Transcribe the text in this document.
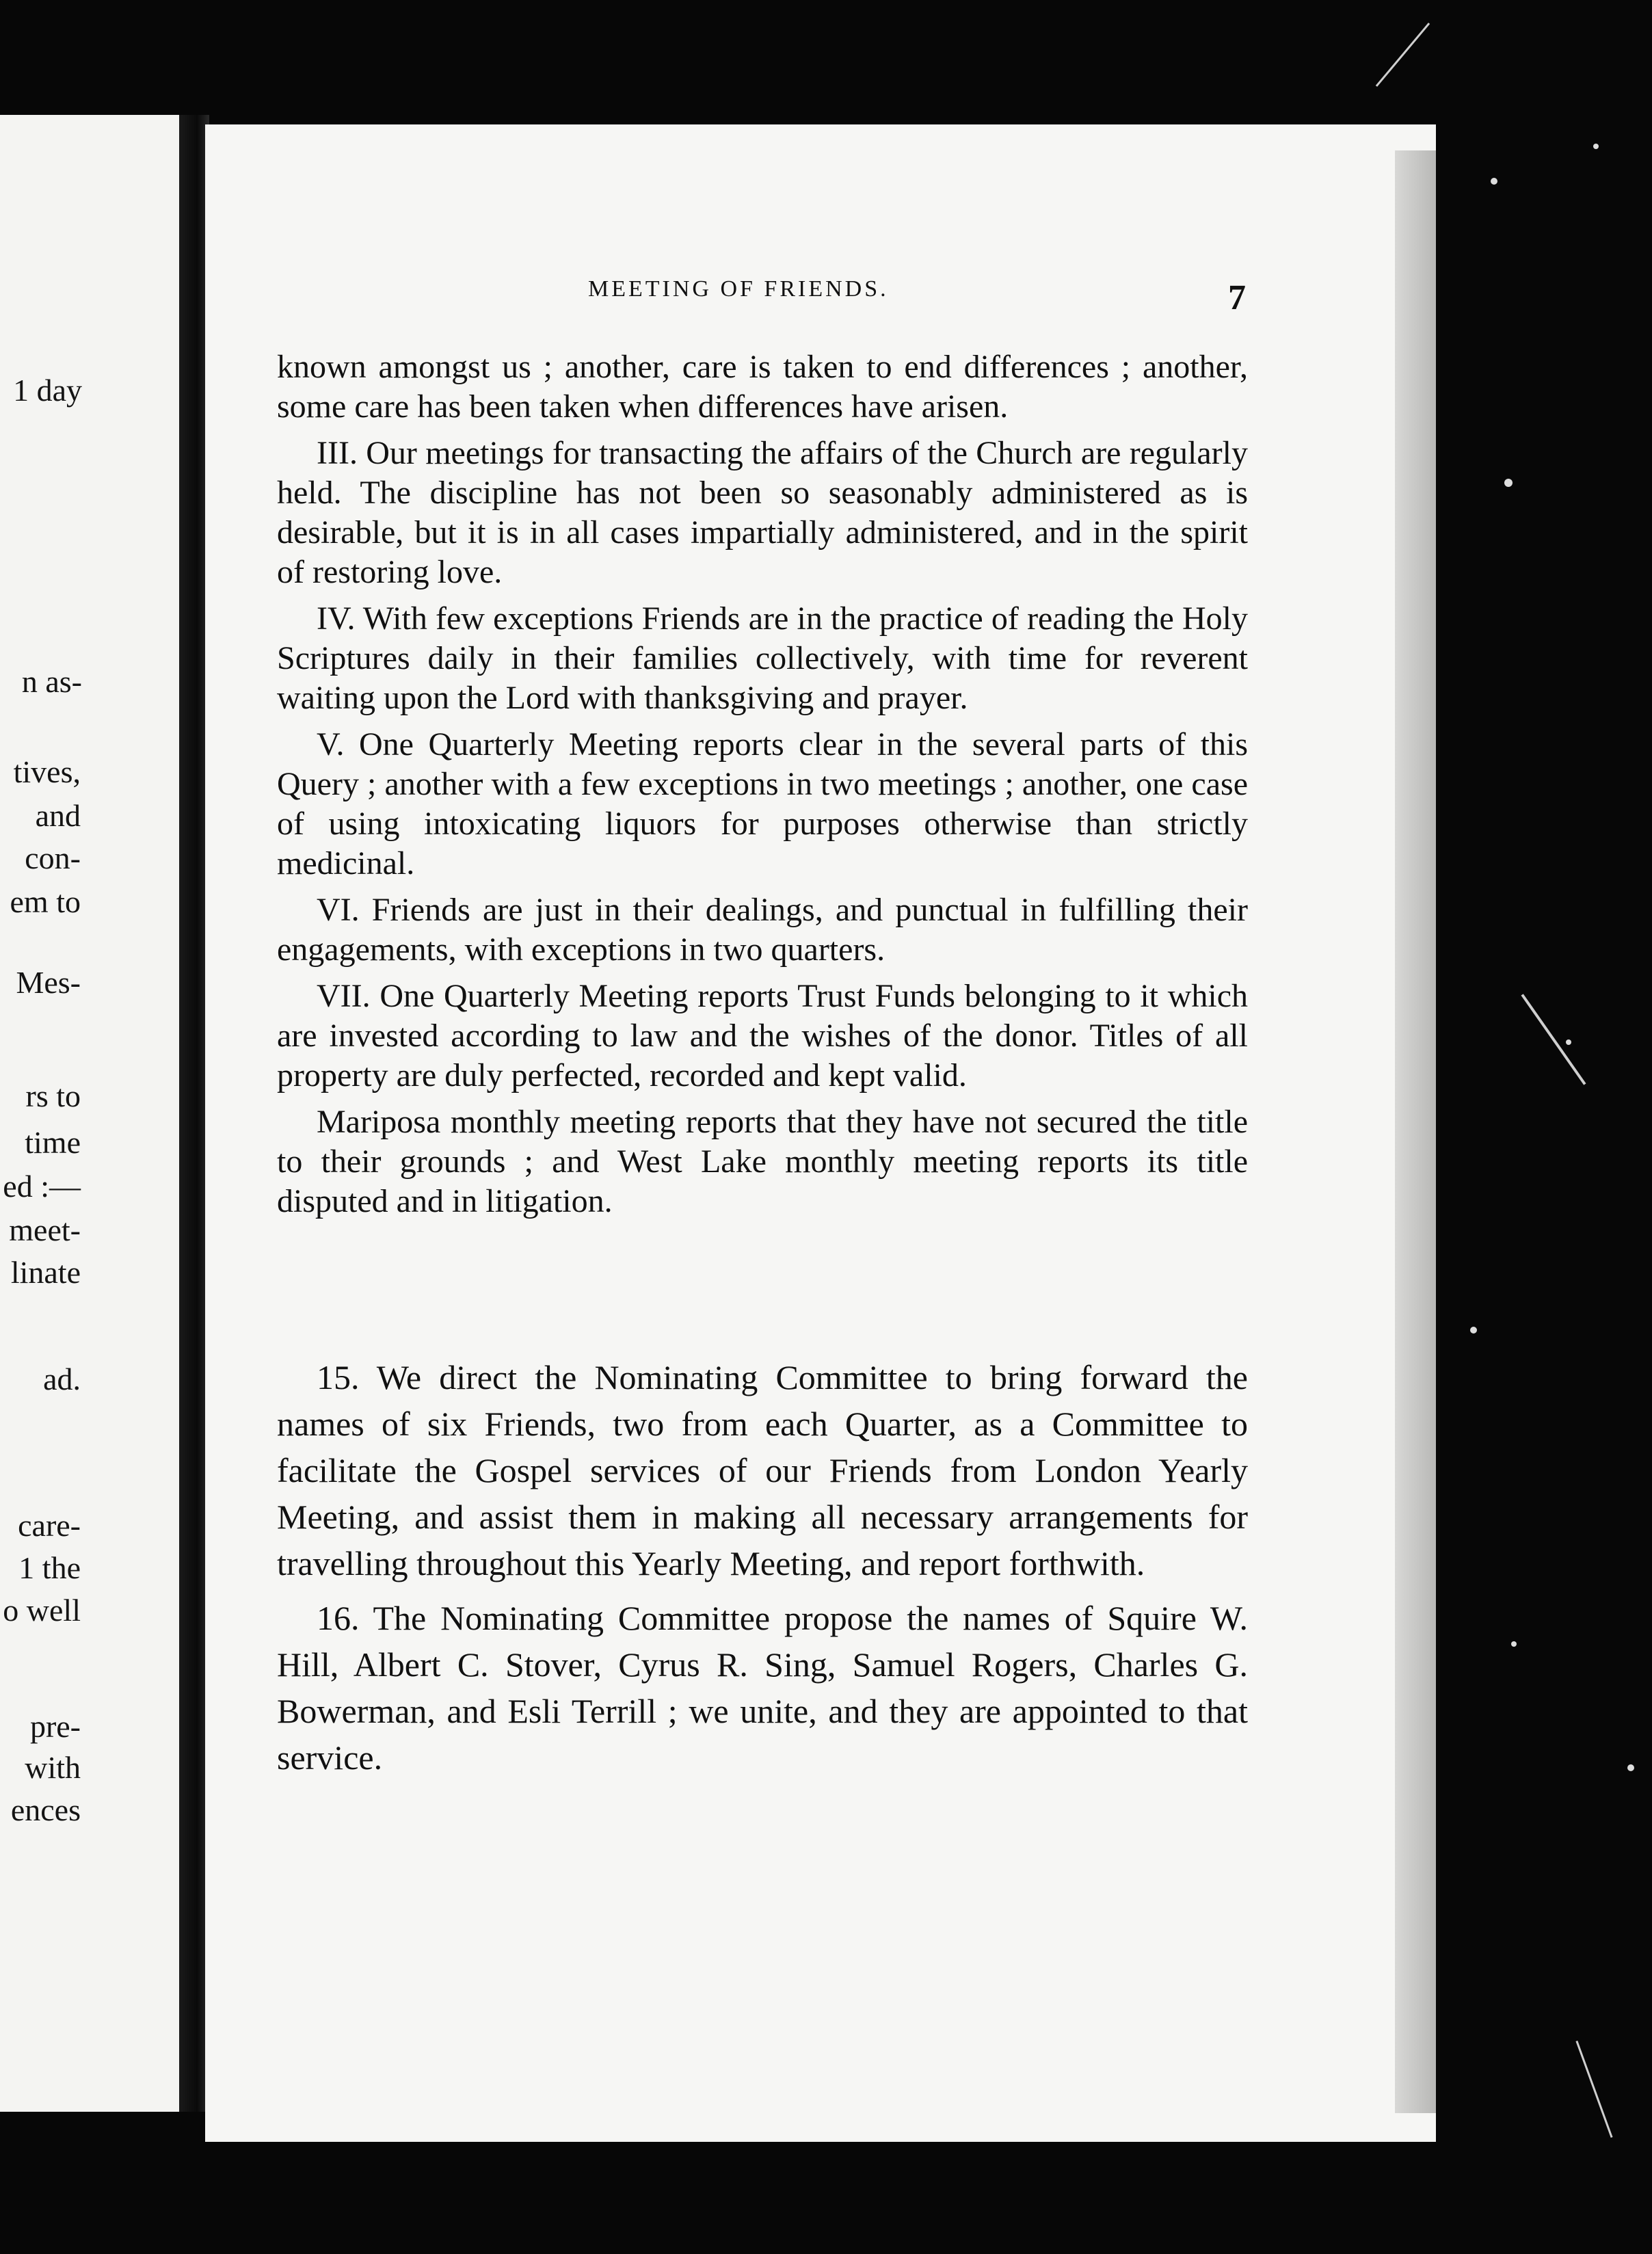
1 day
n as-
tives,
and
con-
em to
Mes-
rs to
time
ed :—
meet-
linate
ad.
care-
1 the
o well
pre-
with
ences
MEETING OF FRIENDS.	7

known amongst us ; another, care is taken to end differences ; another, some care has been taken when differences have arisen.

III. Our meetings for transacting the affairs of the Church are regularly held. The discipline has not been so seasonably administered as is desirable, but it is in all cases impartially administered, and in the spirit of restoring love.

IV. With few exceptions Friends are in the practice of reading the Holy Scriptures daily in their families collectively, with time for reverent waiting upon the Lord with thanksgiving and prayer.

V. One Quarterly Meeting reports clear in the several parts of this Query ; another with a few exceptions in two meetings ; another, one case of using intoxicating liquors for purposes otherwise than strictly medicinal.

VI. Friends are just in their dealings, and punctual in fulfilling their engagements, with exceptions in two quarters.

VII. One Quarterly Meeting reports Trust Funds belonging to it which are invested according to law and the wishes of the donor. Titles of all property are duly perfected, recorded and kept valid.

Mariposa monthly meeting reports that they have not secured the title to their grounds ; and West Lake monthly meeting reports its title disputed and in litigation.

15. We direct the Nominating Committee to bring forward the names of six Friends, two from each Quarter, as a Committee to facilitate the Gospel services of our Friends from London Yearly Meeting, and assist them in making all necessary arrangements for travelling throughout this Yearly Meeting, and report forthwith.

16. The Nominating Committee propose the names of Squire W. Hill, Albert C. Stover, Cyrus R. Sing, Samuel Rogers, Charles G. Bowerman, and Esli Terrill ; we unite, and they are appointed to that service.
